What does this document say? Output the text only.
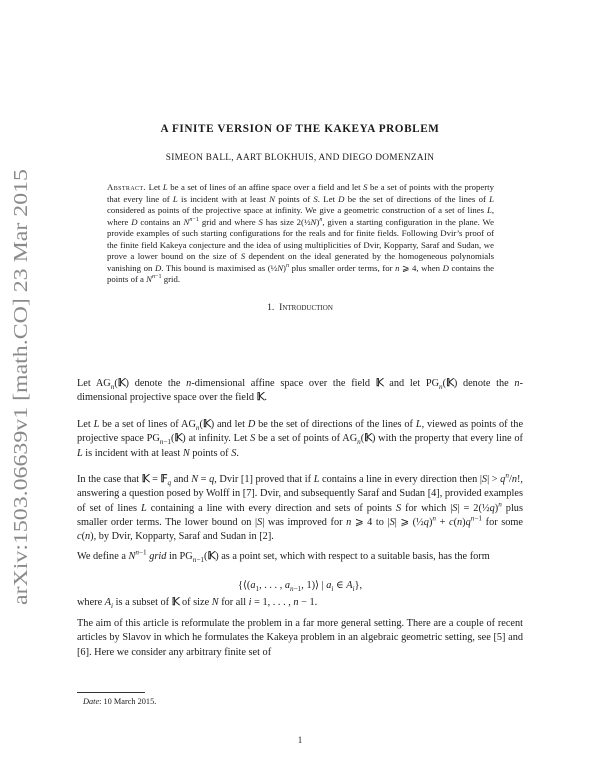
arXiv:1503.06639v1 [math.CO] 23 Mar 2015
A FINITE VERSION OF THE KAKEYA PROBLEM
SIMEON BALL, AART BLOKHUIS, AND DIEGO DOMENZAIN
Abstract. Let L be a set of lines of an affine space over a field and let S be a set of points with the property that every line of L is incident with at least N points of S. Let D be the set of directions of the lines of L considered as points of the projective space at infinity. We give a geometric construction of a set of lines L, where D contains an $N^{n-1}$ grid and where S has size 2(½N)$^n$, given a starting configuration in the plane. We provide examples of such starting configurations for the reals and for finite fields. Following Dvir’s proof of the finite field Kakeya conjecture and the idea of using multiplicities of Dvir, Kopparty, Saraf and Sudan, we prove a lower bound on the size of S dependent on the ideal generated by the homogeneous polynomials vanishing on D. This bound is maximised as (½N)$^n$ plus smaller order terms, for n ⩾ 4, when D contains the points of a $N^{n-1}$ grid.
1. Introduction

Let $AG_n(𝕂)$ denote the n-dimensional affine space over the field 𝕂 and let $PG_n(𝕂)$ denote the n-dimensional projective space over the field 𝕂.

Let L be a set of lines of $AG_n(𝕂)$ and let D be the set of directions of the lines of L, viewed as points of the projective space $PG_{n-1}(𝕂)$ at infinity. Let S be a set of points of $AG_n(𝕂)$ with the property that every line of L is incident with at least N points of S.

In the case that 𝕂 = 𝔽$_q$ and N = q, Dvir [1] proved that if L contains a line in every direction then $|S| > q^n/n$!, answering a question posed by Wolff in [7]. Dvir, and subsequently Saraf and Sudan [4], provided examples of set of lines L containing a line with every direction and sets of points S for which |S| = 2(½q)$^n$ plus smaller order terms. The lower bound on |S| was improved for n ⩾ 4 to |S| ⩾ (½q)$^n$ + $c(n)q^{n-1}$ for some c(n), by Dvir, Kopparty, Saraf and Sudan in [2].

We define a $N^{n-1}$ grid in $PG_{n-1}(𝕂)$ as a point set, which with respect to a suitable basis, has the form

{$⟨(a_1$, . . . , $a_{n-1}$, 1)⟩ | $a_i$ ∈ $A_i$},
where $A_i$ is a subset of 𝕂 of size N for all i = 1, . . . , n − 1.

The aim of this article is reformulate the problem in a far more general setting. There are a couple of recent articles by Slavov in which he formulates the Kakeya problem in an algebraic geometric setting, see [5] and [6]. Here we consider any arbitrary finite set of

Date: 10 March 2015.
1
